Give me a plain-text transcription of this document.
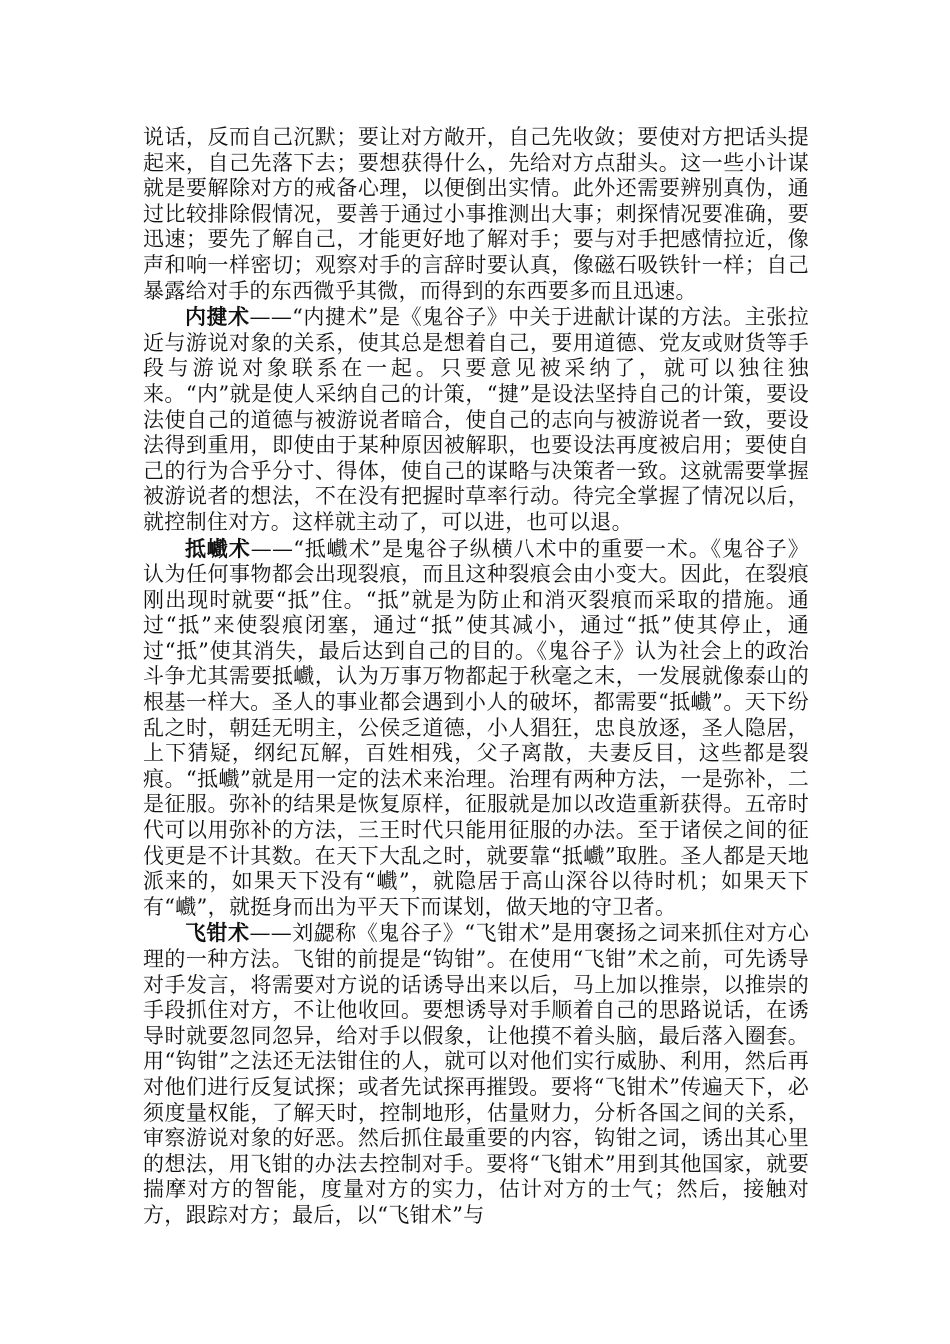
说话，反而自己沉默；要让对方敞开，自己先收敛；要使对方把话头提起来，自己先落下去；要想获得什么，先给对方点甜头。这一些小计谋就是要解除对方的戒备心理，以便倒出实情。此外还需要辨别真伪，通过比较排除假情况，要善于通过小事推测出大事；刺探情况要准确，要迅速；要先了解自己，才能更好地了解对手；要与对手把感情拉近，像声和响一样密切；观察对手的言辞时要认真，像磁石吸铁针一样；自己暴露给对手的东西微乎其微，而得到的东西要多而且迅速。

内揵术——“内揵术”是《鬼谷子》中关于进献计谋的方法。主张拉近与游说对象的关系，使其总是想着自己，要用道德、党友或财货等手段与游说对象联系在一起。只要意见被采纳了，就可以独往独来。“内”就是使人采纳自己的计策，“揵”是设法坚持自己的计策，要设法使自己的道德与被游说者暗合，使自己的志向与被游说者一致，要设法得到重用，即使由于某种原因被解职，也要设法再度被启用；要使自己的行为合乎分寸、得体，使自己的谋略与决策者一致。这就需要掌握被游说者的想法，不在没有把握时草率行动。待完全掌握了情况以后，就控制住对方。这样就主动了，可以进，也可以退。

抵巇术——“抵巇术”是鬼谷子纵横八术中的重要一术。《鬼谷子》认为任何事物都会出现裂痕，而且这种裂痕会由小变大。因此，在裂痕刚出现时就要“抵”住。“抵”就是为防止和消灭裂痕而采取的措施。通过“抵”来使裂痕闭塞，通过“抵”使其减小，通过“抵”使其停止，通过“抵”使其消失，最后达到自己的目的。《鬼谷子》认为社会上的政治斗争尤其需要抵巇，认为万事万物都起于秋毫之末，一发展就像泰山的根基一样大。圣人的事业都会遇到小人的破坏，都需要“抵巇”。天下纷乱之时，朝廷无明主，公侯乏道德，小人猖狂，忠良放逐，圣人隐居，上下猜疑，纲纪瓦解，百姓相残，父子离散，夫妻反目，这些都是裂痕。“抵巇”就是用一定的法术来治理。治理有两种方法，一是弥补，二是征服。弥补的结果是恢复原样，征服就是加以改造重新获得。五帝时代可以用弥补的方法，三王时代只能用征服的办法。至于诸侯之间的征伐更是不计其数。在天下大乱之时，就要靠“抵巇”取胜。圣人都是天地派来的，如果天下没有“巇”，就隐居于高山深谷以待时机；如果天下有“巇”，就挺身而出为平天下而谋划，做天地的守卫者。

飞钳术——刘勰称《鬼谷子》“飞钳术”是用褒扬之词来抓住对方心理的一种方法。飞钳的前提是“钩钳”。在使用“飞钳”术之前，可先诱导对手发言，将需要对方说的话诱导出来以后，马上加以推崇，以推崇的手段抓住对方，不让他收回。要想诱导对手顺着自己的思路说话，在诱导时就要忽同忽异，给对手以假象，让他摸不着头脑，最后落入圈套。用“钩钳”之法还无法钳住的人，就可以对他们实行威胁、利用，然后再对他们进行反复试探；或者先试探再摧毁。要将“飞钳术”传遍天下，必须度量权能，了解天时，控制地形，估量财力，分析各国之间的关系，审察游说对象的好恶。然后抓住最重要的内容，钩钳之词，诱出其心里的想法，用飞钳的办法去控制对手。要将“飞钳术”用到其他国家，就要揣摩对方的智能，度量对方的实力，估计对方的士气；然后，接触对方，跟踪对方；最后，以“飞钳术”与
